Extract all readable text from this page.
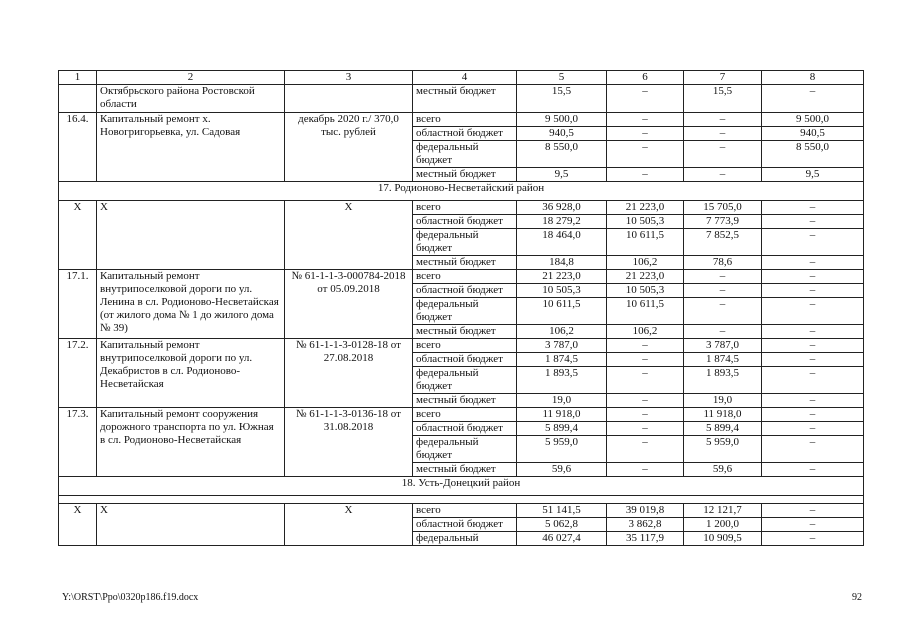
1	2	3	4	5	6	7	8
	Октябрьского района Ростовской области		местный бюджет	15,5	–	15,5	–
16.4.	Капитальный ремонт х. Новогригорьевка, ул. Садовая	декабрь 2020 г./ 370,0 тыс. рублей	всего	9 500,0	–	–	9 500,0
			областной бюджет	940,5	–	–	940,5
			федеральный бюджет	8 550,0	–	–	8 550,0
			местный бюджет	9,5	–	–	9,5
17. Родионово-Несветайский район							
Х	Х	Х	всего	36 928,0	21 223,0	15 705,0	–
			областной бюджет	18 279,2	10 505,3	7 773,9	–
			федеральный бюджет	18 464,0	10 611,5	7 852,5	–
			местный бюджет	184,8	106,2	78,6	–
17.1.	Капитальный ремонт внутрипоселковой дороги по ул. Ленина в сл. Родионово-Несветайская (от жилого дома № 1 до жилого дома № 39)	№ 61-1-1-3-000784-2018 от 05.09.2018	всего	21 223,0	21 223,0	–	–
			областной бюджет	10 505,3	10 505,3	–	–
			федеральный бюджет	10 611,5	10 611,5	–	–
			местный бюджет	106,2	106,2	–	–
17.2.	Капитальный ремонт внутрипоселковой дороги по ул. Декабристов в сл. Родионово-Несветайская	№ 61-1-1-3-0128-18 от 27.08.2018	всего	3 787,0	–	3 787,0	–
			областной бюджет	1 874,5	–	1 874,5	–
			федеральный бюджет	1 893,5	–	1 893,5	–
			местный бюджет	19,0	–	19,0	–
17.3.	Капитальный ремонт сооружения дорожного транспорта по ул. Южная в сл. Родионово-Несветайская	№ 61-1-1-3-0136-18 от 31.08.2018	всего	11 918,0	–	11 918,0	–
			областной бюджет	5 899,4	–	5 899,4	–
			федеральный бюджет	5 959,0	–	5 959,0	–
			местный бюджет	59,6	–	59,6	–
18. Усть-Донецкий район							

Х	Х	Х	всего	51 141,5	39 019,8	12 121,7	–
			областной бюджет	5 062,8	3 862,8	1 200,0	–
			федеральный	46 027,4	35 117,9	10 909,5	–
Y:\ORST\Ppo\0320p186.f19.docx	92
